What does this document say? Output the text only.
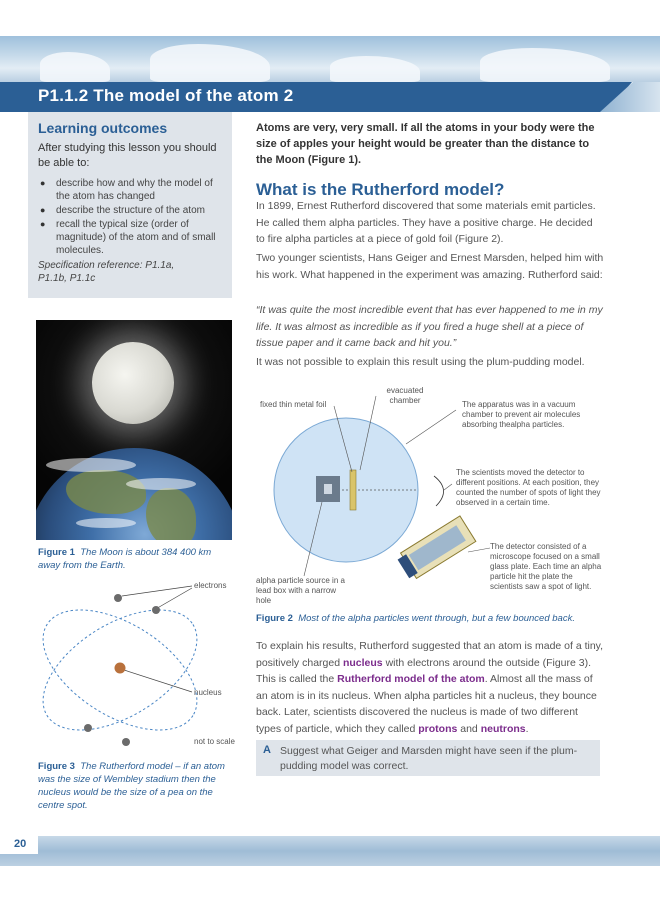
P1.1.2 The model of the atom 2
Learning outcomes
After studying this lesson you should be able to:
● describe how and why the model of the atom has changed
● describe the structure of the atom
● recall the typical size (order of magnitude) of the atom and of small molecules.
Specification reference: P1.1a,
P1.1b, P1.1c
Figure 1 The Moon is about 384 400 km away from the Earth.
electrons
nucleus
not to scale
Figure 3 The Rutherford model – if an atom was the size of Wembley stadium then the nucleus would be the size of a pea on the centre spot.
Atoms are very, very small. If all the atoms in your body were the size of apples your height would be greater than the distance to the Moon (Figure 1).
What is the Rutherford model?
In 1899, Ernest Rutherford discovered that some materials emit particles. He called them alpha particles. They have a positive charge. He decided to fire alpha particles at a piece of gold foil (Figure 2).
Two younger scientists, Hans Geiger and Ernest Marsden, helped him with his work. What happened in the experiment was amazing. Rutherford said:
“It was quite the most incredible event that has ever happened to me in my life. It was almost as incredible as if you fired a huge shell at a piece of tissue paper and it came back and hit you.”
It was not possible to explain this result using the plum-pudding model.
evacuated chamber
fixed thin metal foil	The apparatus was in a vacuum chamber to prevent air molecules absorbing thealpha particles.
The scientists moved the detector to different positions. At each position, they counted the number of spots of light they observed in a certain time.
The detector consisted of a microscope focused on a small glass plate. Each time an alpha particle hit the plate the scientists saw a spot of light.
alpha particle source in a lead box with a narrow hole
Figure 2 Most of the alpha particles went through, but a few bounced back.
To explain his results, Rutherford suggested that an atom is made of a tiny, positively charged nucleus with electrons around the outside (Figure 3). This is called the Rutherford model of the atom. Almost all the mass of an atom is in its nucleus. When alpha particles hit a nucleus, they bounce back. Later, scientists discovered the nucleus is made of two different types of particle, which they called protons and neutrons.
A Suggest what Geiger and Marsden might have seen if the plum-pudding model was correct.
20
